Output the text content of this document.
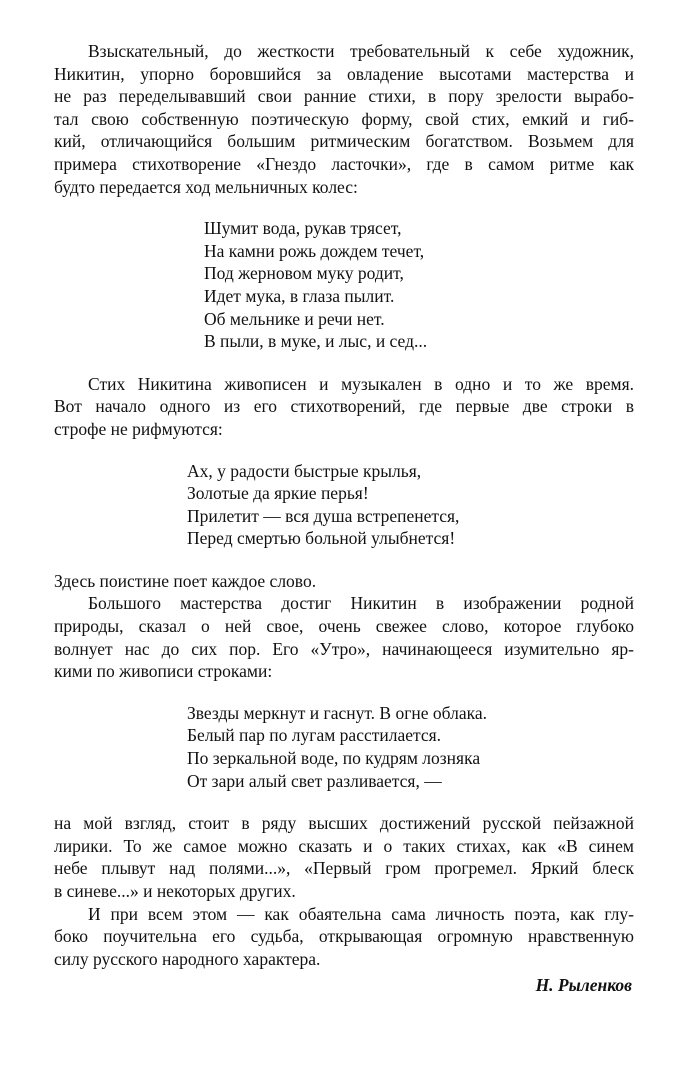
Взыскательный, до жесткости требовательный к себе художник,
Никитин, упорно боровшийся за овладение высотами мастерства и
не раз переделывавший свои ранние стихи, в пору зрелости вырабо-
тал свою собственную поэтическую форму, свой стих, емкий и гиб-
кий, отличающийся большим ритмическим богатством. Возьмем для
примера стихотворение «Гнездо ласточки», где в самом ритме как
будто передается ход мельничных колес:
Шумит вода, рукав трясет,
На камни рожь дождем течет,
Под жерновом муку родит,
Идет мука, в глаза пылит.
Об мельнике и речи нет.
В пыли, в муке, и лыс, и сед...
Стих Никитина живописен и музыкален в одно и то же время.
Вот начало одного из его стихотворений, где первые две строки в
строфе не рифмуются:
Ах, у радости быстрые крылья,
Золотые да яркие перья!
Прилетит — вся душа встрепенется,
Перед смертью больной улыбнется!
Здесь поистине поет каждое слово.
Большого мастерства достиг Никитин в изображении родной
природы, сказал о ней свое, очень свежее слово, которое глубоко
волнует нас до сих пор. Его «Утро», начинающееся изумительно яр-
кими по живописи строками:
Звезды меркнут и гаснут. В огне облака.
Белый пар по лугам расстилается.
По зеркальной воде, по кудрям лозняка
От зари алый свет разливается, —
на мой взгляд, стоит в ряду высших достижений русской пейзажной
лирики. То же самое можно сказать и о таких стихах, как «В синем
небе плывут над полями...», «Первый гром прогремел. Яркий блеск
в синеве...» и некоторых других.
И при всем этом — как обаятельна сама личность поэта, как глу-
боко поучительна его судьба, открывающая огромную нравственную
силу русского народного характера.
Н. Рыленков
